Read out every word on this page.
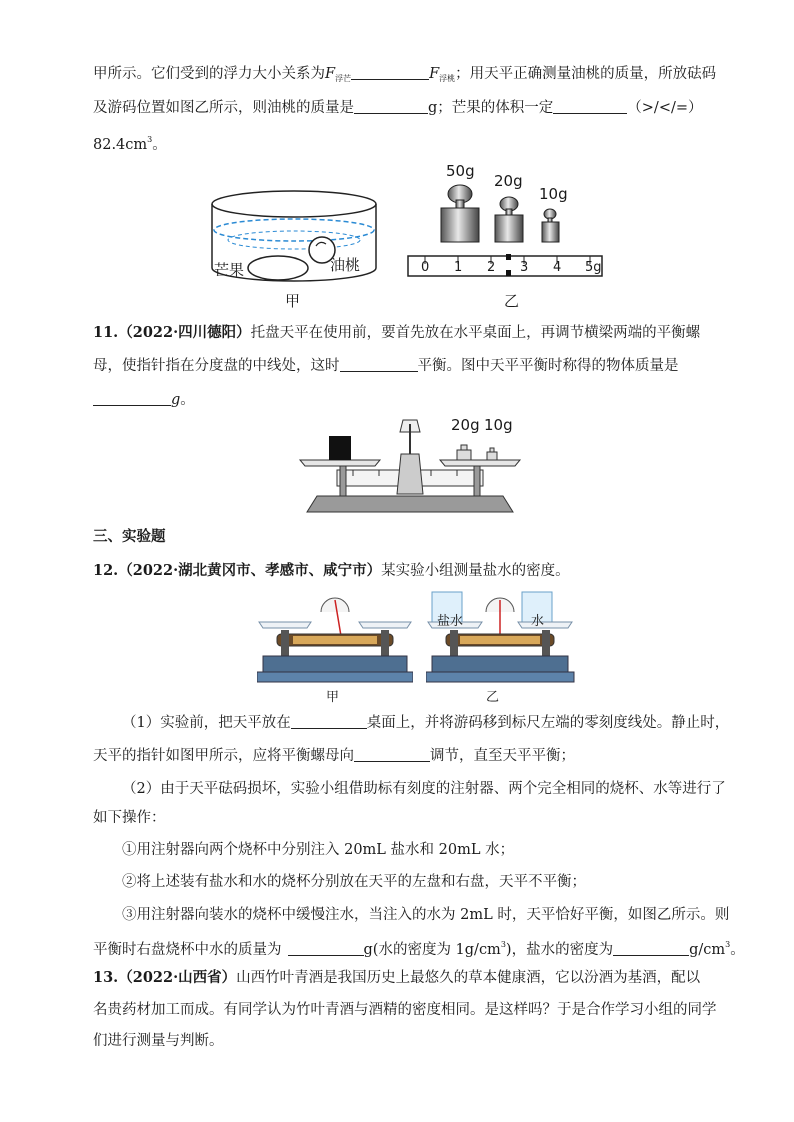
甲所示。它们受到的浮力大小关系为$F_{浮芒}$	$F_{浮桃}$；用天平正确测量油桃的质量，所放砝码
及游码位置如图乙所示，则油桃的质量是	g；芒果的体积一定	（>/</=）
$82.4cm^3$。
芒果	油桃
甲
50g
20g
10g
0 1 2 3 4 5g
乙
11.（2022·四川德阳）托盘天平在使用前，要首先放在水平桌面上，再调节横梁两端的平衡螺
母，使指针指在分度盘的中线处，这时	平衡。图中天平平衡时称得的物体质量是
g。
20g 10g
三、实验题
12.（2022·湖北黄冈市、孝感市、咸宁市）某实验小组测量盐水的密度。
盐水	水
甲	乙
（1）实验前，把天平放在	桌面上，并将游码移到标尺左端的零刻度线处。静止时，
天平的指针如图甲所示，应将平衡螺母向	调节，直至天平平衡；
（2）由于天平砝码损坏，实验小组借助标有刻度的注射器、两个完全相同的烧杯、水等进行了
如下操作：
①用注射器向两个烧杯中分别注入 20mL 盐水和 20mL 水；
②将上述装有盐水和水的烧杯分别放在天平的左盘和右盘，天平不平衡；
③用注射器向装水的烧杯中缓慢注水，当注入的水为 2mL 时，天平恰好平衡，如图乙所示。则
平衡时右盘烧杯中水的质量为	g(水的密度为 $1g/cm^3$)，盐水的密度为	$g/cm^3$。
13.（2022·山西省）山西竹叶青酒是我国历史上最悠久的草本健康酒，它以汾酒为基酒，配以
名贵药材加工而成。有同学认为竹叶青酒与酒精的密度相同。是这样吗？于是合作学习小组的同学
们进行测量与判断。
